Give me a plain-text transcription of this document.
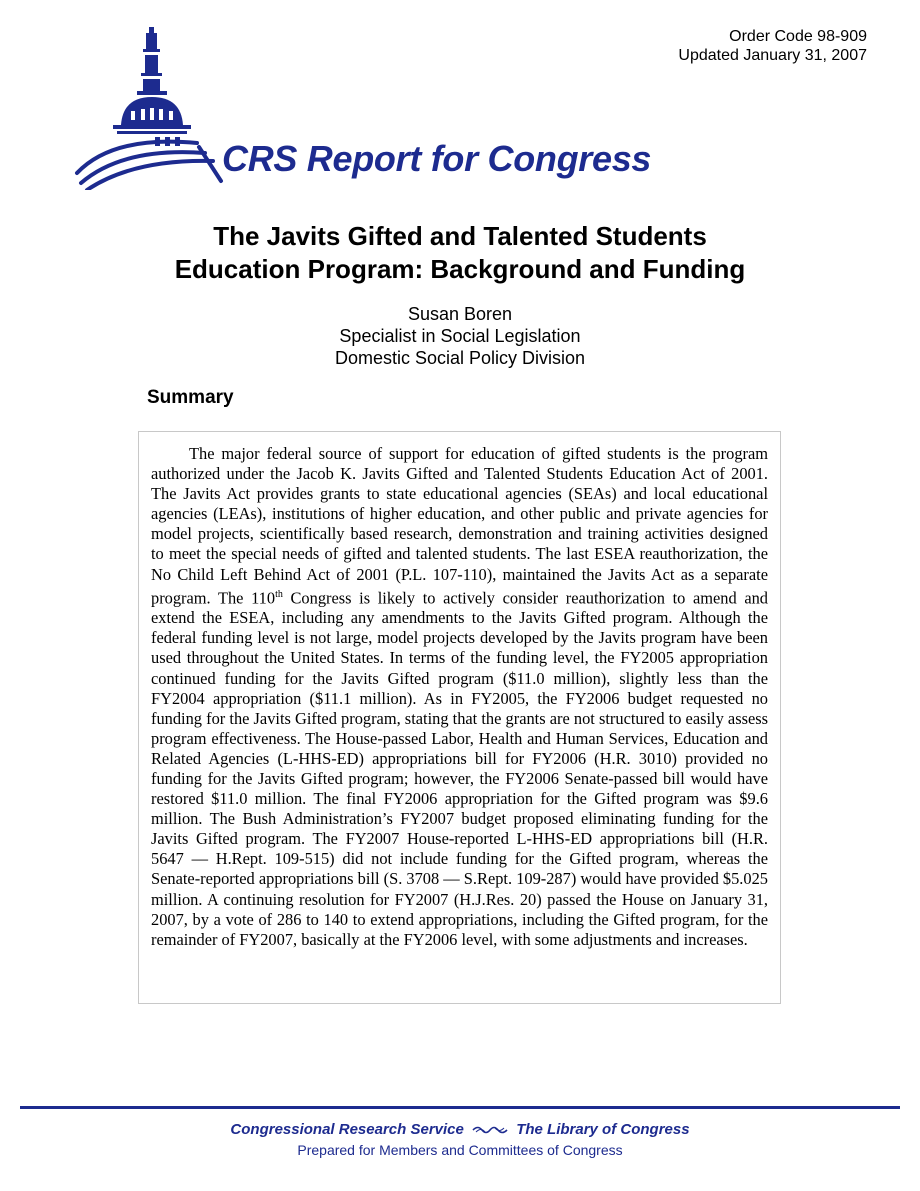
Order Code 98-909
Updated January 31, 2007
CRS Report for Congress
The Javits Gifted and Talented Students
Education Program: Background and Funding
Susan Boren
Specialist in Social Legislation
Domestic Social Policy Division
Summary

The major federal source of support for education of gifted students is the program authorized under the Jacob K. Javits Gifted and Talented Students Education Act of 2001. The Javits Act provides grants to state educational agencies (SEAs) and local educational agencies (LEAs), institutions of higher education, and other public and private agencies for model projects, scientifically based research, demonstration and training activities designed to meet the special needs of gifted and talented students. The last ESEA reauthorization, the No Child Left Behind Act of 2001 (P.L. 107-110), maintained the Javits Act as a separate program. The 110th Congress is likely to actively consider reauthorization to amend and extend the ESEA, including any amendments to the Javits Gifted program. Although the federal funding level is not large, model projects developed by the Javits program have been used throughout the United States. In terms of the funding level, the FY2005 appropriation continued funding for the Javits Gifted program ($11.0 million), slightly less than the FY2004 appropriation ($11.1 million). As in FY2005, the FY2006 budget requested no funding for the Javits Gifted program, stating that the grants are not structured to easily assess program effectiveness. The House-passed Labor, Health and Human Services, Education and Related Agencies (L-HHS-ED) appropriations bill for FY2006 (H.R. 3010) provided no funding for the Javits Gifted program; however, the FY2006 Senate-passed bill would have restored $11.0 million. The final FY2006 appropriation for the Gifted program was $9.6 million. The Bush Administration’s FY2007 budget proposed eliminating funding for the Javits Gifted program. The FY2007 House-reported L-HHS-ED appropriations bill (H.R. 5647 — H.Rept. 109-515) did not include funding for the Gifted program, whereas the Senate-reported appropriations bill (S. 3708 — S.Rept. 109-287) would have provided $5.025 million. A continuing resolution for FY2007 (H.J.Res. 20) passed the House on January 31, 2007, by a vote of 286 to 140 to extend appropriations, including the Gifted program, for the remainder of FY2007, basically at the FY2006 level, with some adjustments and increases.

Congressional Research Service	The Library of Congress
Prepared for Members and Committees of Congress
